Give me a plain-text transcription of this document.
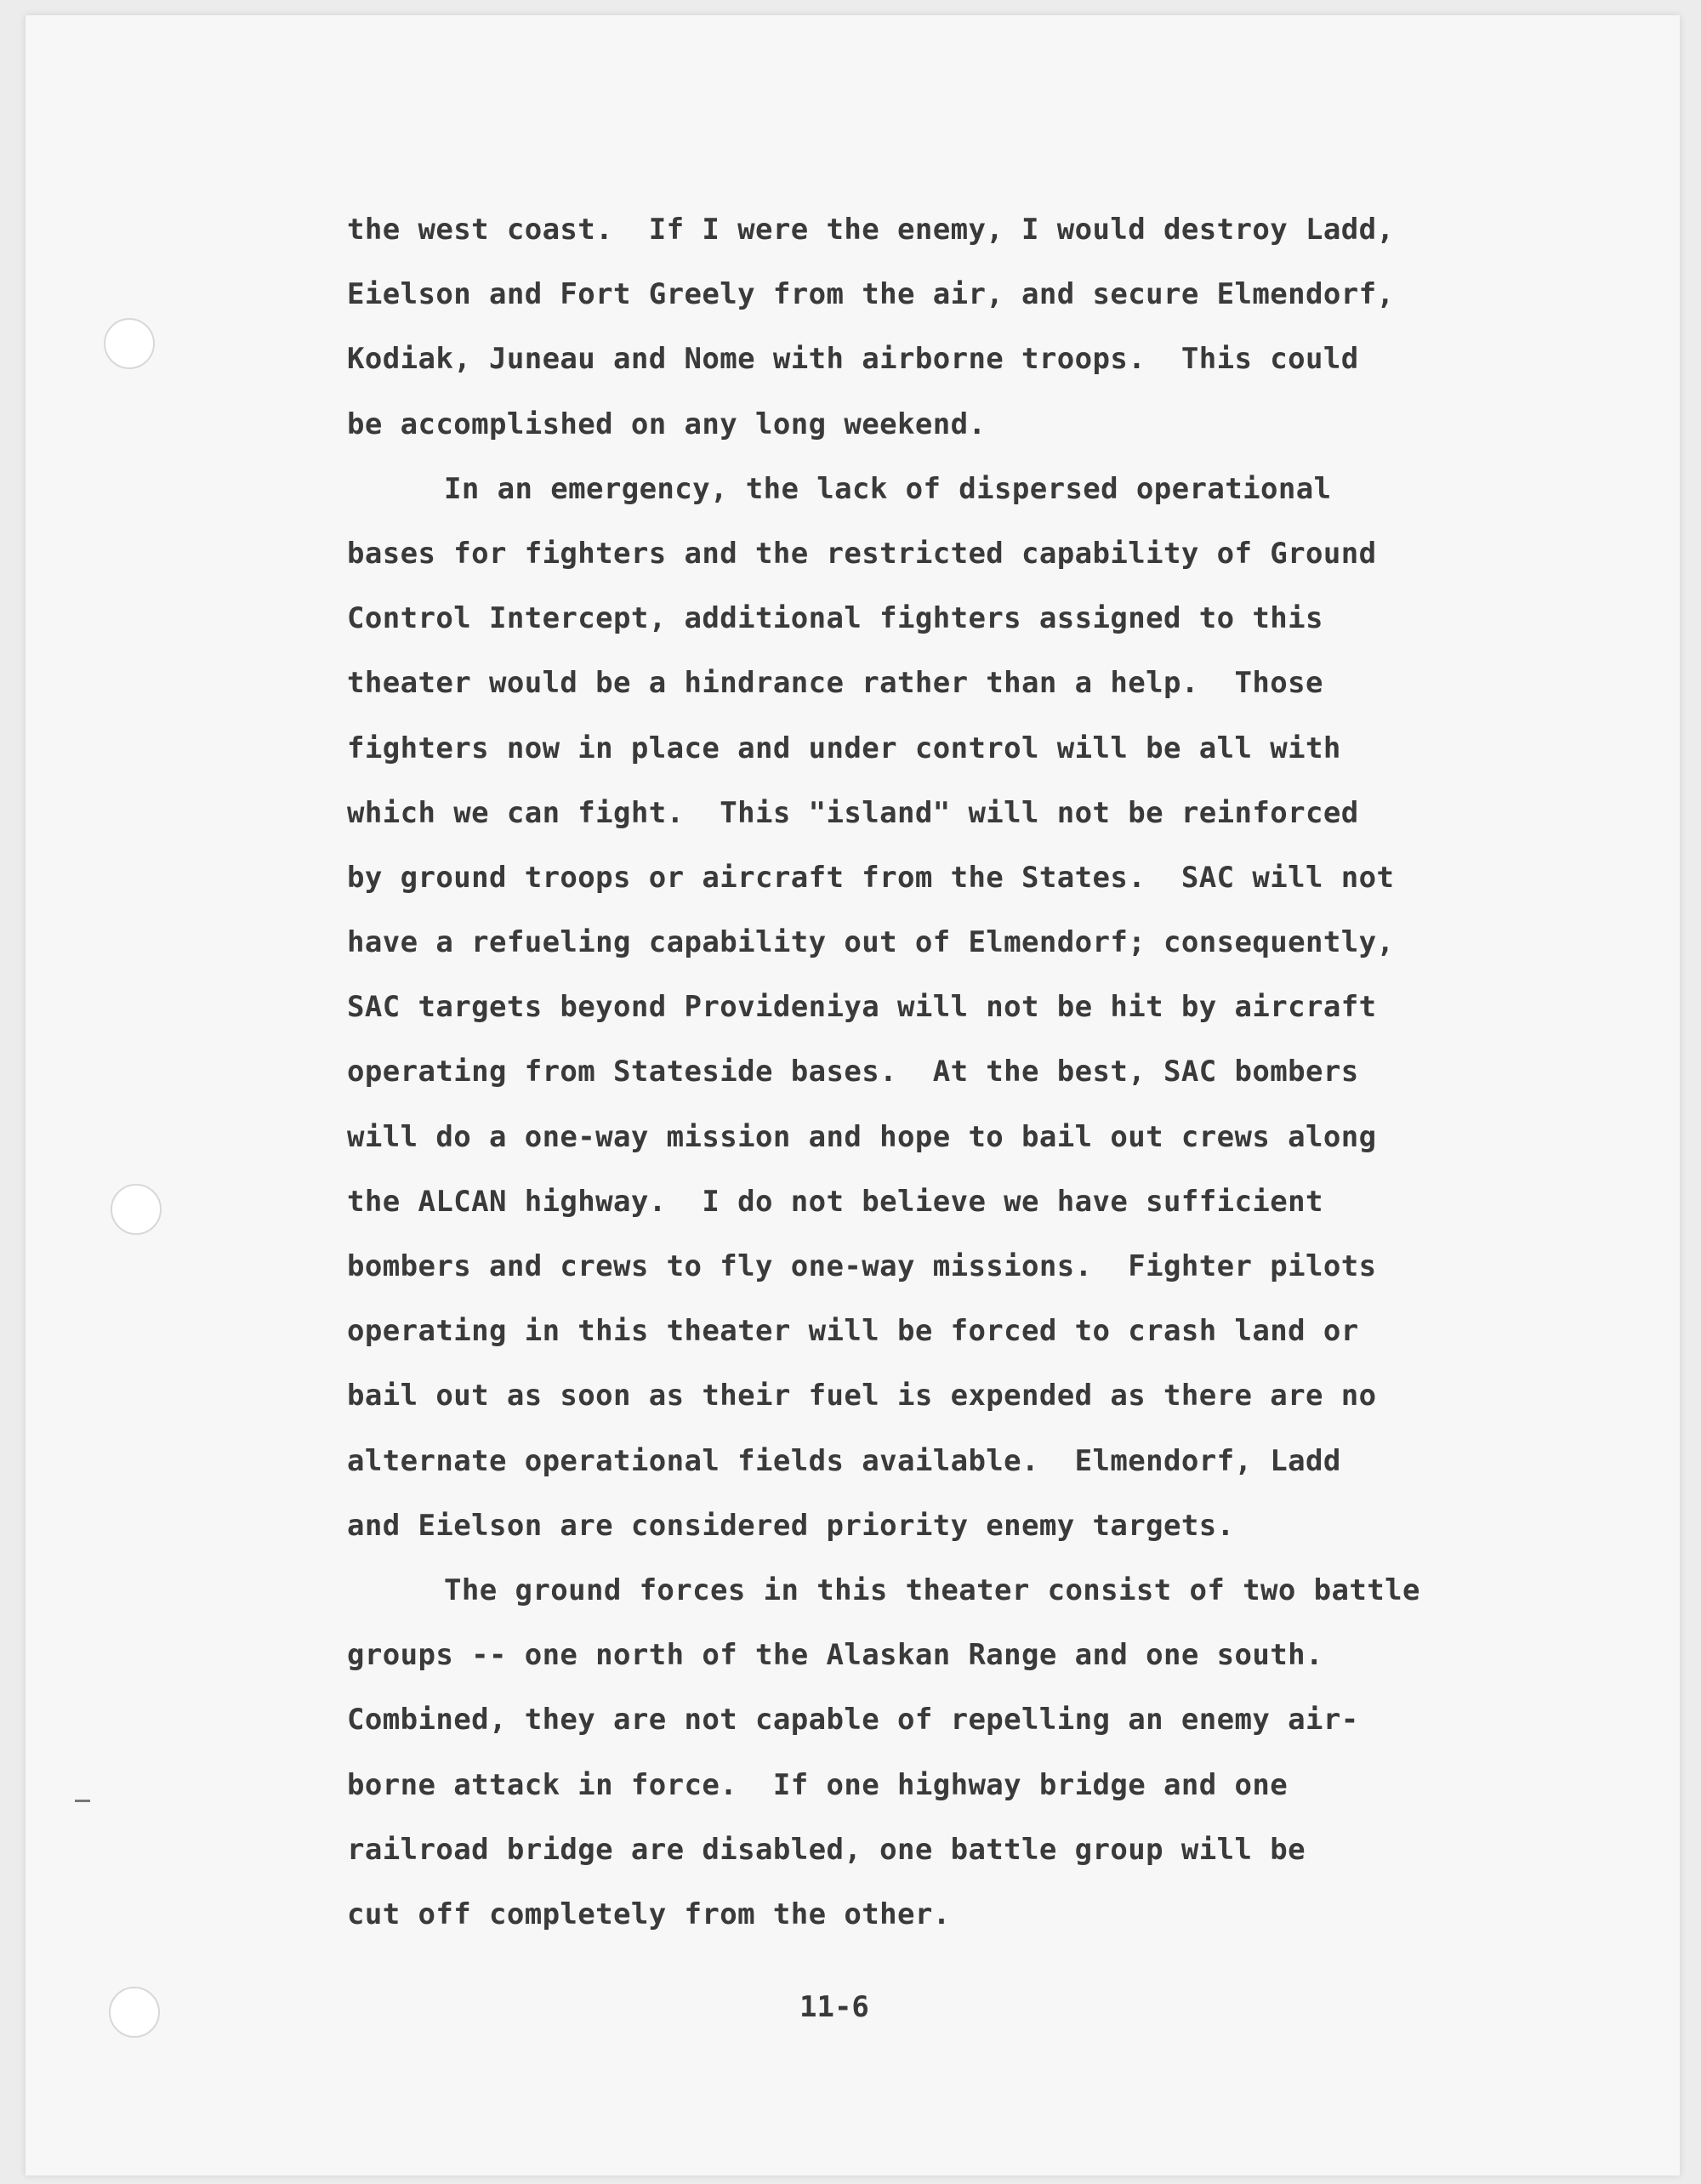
the west coast.  If I were the enemy, I would destroy Ladd,
Eielson and Fort Greely from the air, and secure Elmendorf,
Kodiak, Juneau and Nome with airborne troops.  This could
be accomplished on any long weekend.
In an emergency, the lack of dispersed operational
bases for fighters and the restricted capability of Ground
Control Intercept, additional fighters assigned to this
theater would be a hindrance rather than a help.  Those
fighters now in place and under control will be all with
which we can fight.  This "island" will not be reinforced
by ground troops or aircraft from the States.  SAC will not
have a refueling capability out of Elmendorf; consequently,
SAC targets beyond Provideniya will not be hit by aircraft
operating from Stateside bases.  At the best, SAC bombers
will do a one-way mission and hope to bail out crews along
the ALCAN highway.  I do not believe we have sufficient
bombers and crews to fly one-way missions.  Fighter pilots
operating in this theater will be forced to crash land or
bail out as soon as their fuel is expended as there are no
alternate operational fields available.  Elmendorf, Ladd
and Eielson are considered priority enemy targets.
The ground forces in this theater consist of two battle
groups -- one north of the Alaskan Range and one south.
Combined, they are not capable of repelling an enemy air-
borne attack in force.  If one highway bridge and one
railroad bridge are disabled, one battle group will be
cut off completely from the other.
11-6
